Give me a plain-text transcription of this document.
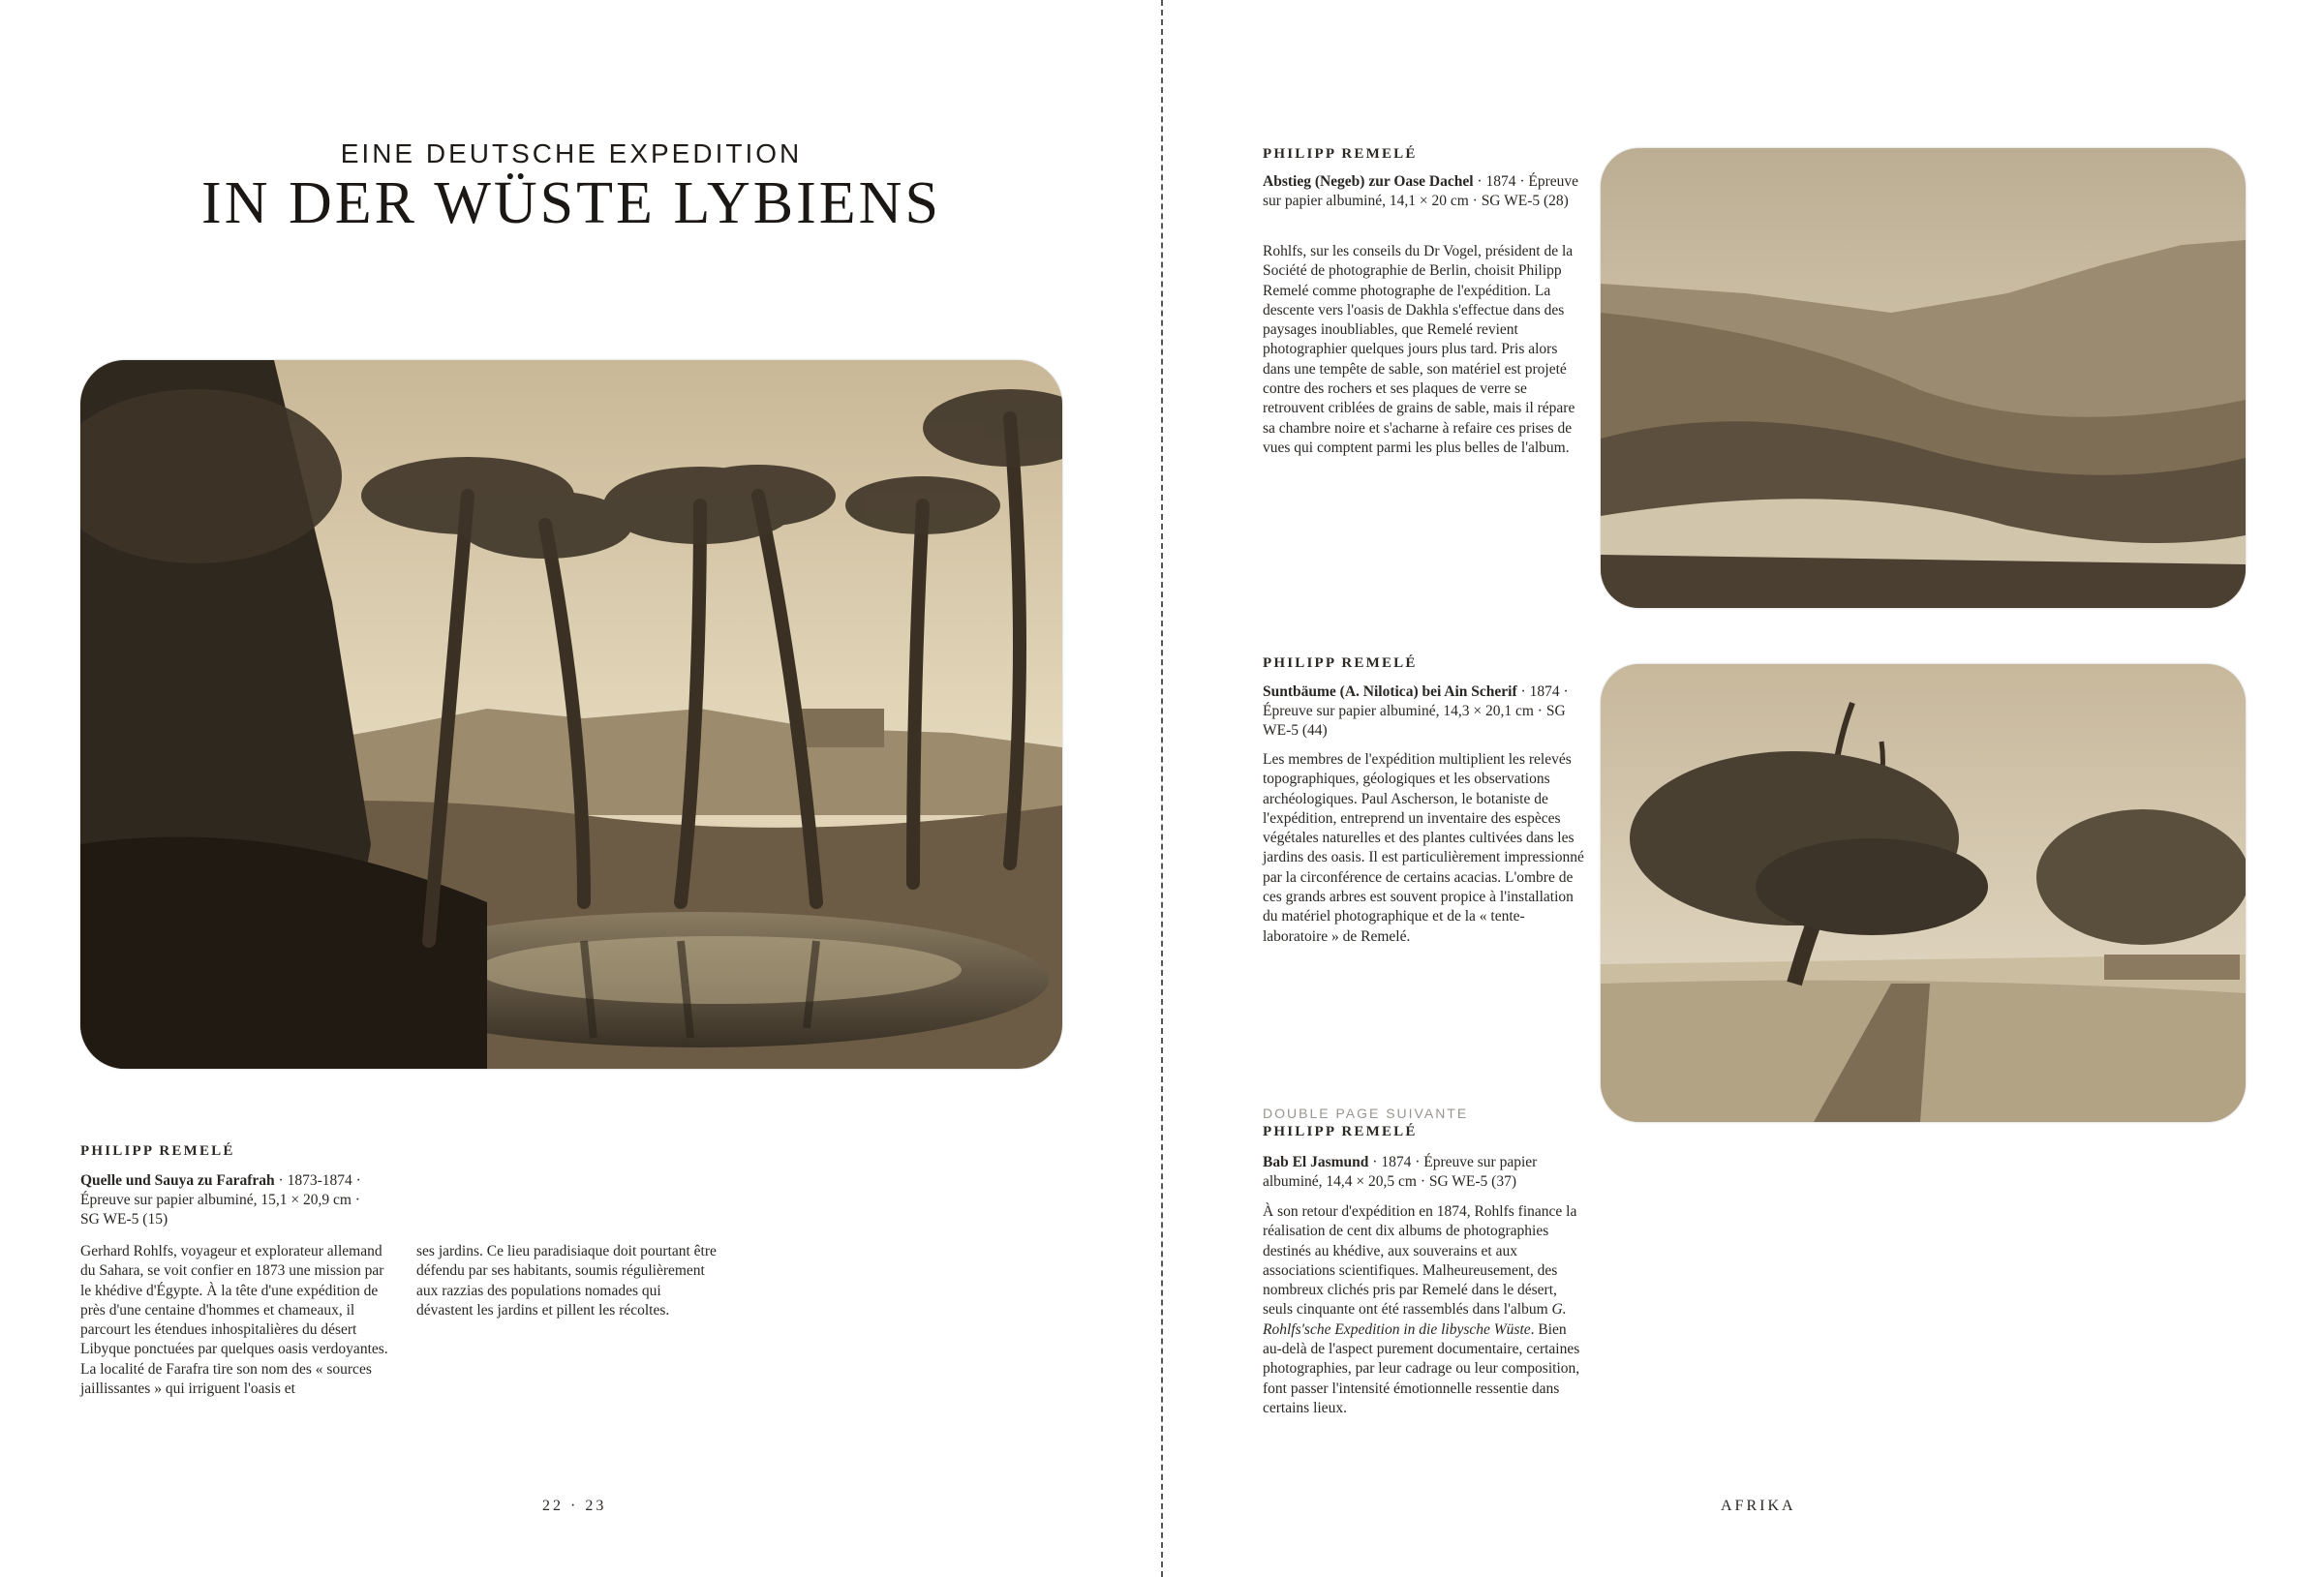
EINE DEUTSCHE EXPEDITION
IN DER WÜSTE LYBIENS
PHILIPP REMELÉ
Quelle und Sauya zu Farafrah · 1873-1874 · Épreuve sur papier albuminé, 15,1 × 20,9 cm · SG WE-5 (15)
Gerhard Rohlfs, voyageur et explorateur allemand du Sahara, se voit confier en 1873 une mission par le khédive d'Égypte. À la tête d'une expédition de près d'une centaine d'hommes et chameaux, il parcourt les étendues inhospitalières du désert Libyque ponctuées par quelques oasis verdoyantes. La localité de Farafra tire son nom des « sources jaillissantes » qui irriguent l'oasis et
ses jardins. Ce lieu paradisiaque doit pourtant être défendu par ses habitants, soumis régulièrement aux razzias des populations nomades qui dévastent les jardins et pillent les récoltes.
22 · 23
PHILIPP REMELÉ
Abstieg (Negeb) zur Oase Dachel · 1874 · Épreuve sur papier albuminé, 14,1 × 20 cm · SG WE-5 (28)
Rohlfs, sur les conseils du Dr Vogel, président de la Société de photographie de Berlin, choisit Philipp Remelé comme photographe de l'expédition. La descente vers l'oasis de Dakhla s'effectue dans des paysages inoubliables, que Remelé revient photographier quelques jours plus tard. Pris alors dans une tempête de sable, son matériel est projeté contre des rochers et ses plaques de verre se retrouvent criblées de grains de sable, mais il répare sa chambre noire et s'acharne à refaire ces prises de vues qui comptent parmi les plus belles de l'album.
PHILIPP REMELÉ
Suntbäume (A. Nilotica) bei Ain Scherif · 1874 · Épreuve sur papier albuminé, 14,3 × 20,1 cm · SG WE-5 (44)
Les membres de l'expédition multiplient les relevés topographiques, géologiques et les observations archéologiques. Paul Ascherson, le botaniste de l'expédition, entreprend un inventaire des espèces végétales naturelles et des plantes cultivées dans les jardins des oasis. Il est particulièrement impressionné par la circonférence de certains acacias. L'ombre de ces grands arbres est souvent propice à l'installation du matériel photographique et de la « tente-laboratoire » de Remelé.
DOUBLE PAGE SUIVANTE
PHILIPP REMELÉ
Bab El Jasmund · 1874 · Épreuve sur papier albuminé, 14,4 × 20,5 cm · SG WE-5 (37)
À son retour d'expédition en 1874, Rohlfs finance la réalisation de cent dix albums de photographies destinés au khédive, aux souverains et aux associations scientifiques. Malheureusement, des nombreux clichés pris par Remelé dans le désert, seuls cinquante ont été rassemblés dans l'album G. Rohlfs'sche Expedition in die libysche Wüste. Bien au-delà de l'aspect purement documentaire, certaines photographies, par leur cadrage ou leur composition, font passer l'intensité émotionnelle ressentie dans certains lieux.
AFRIKA
